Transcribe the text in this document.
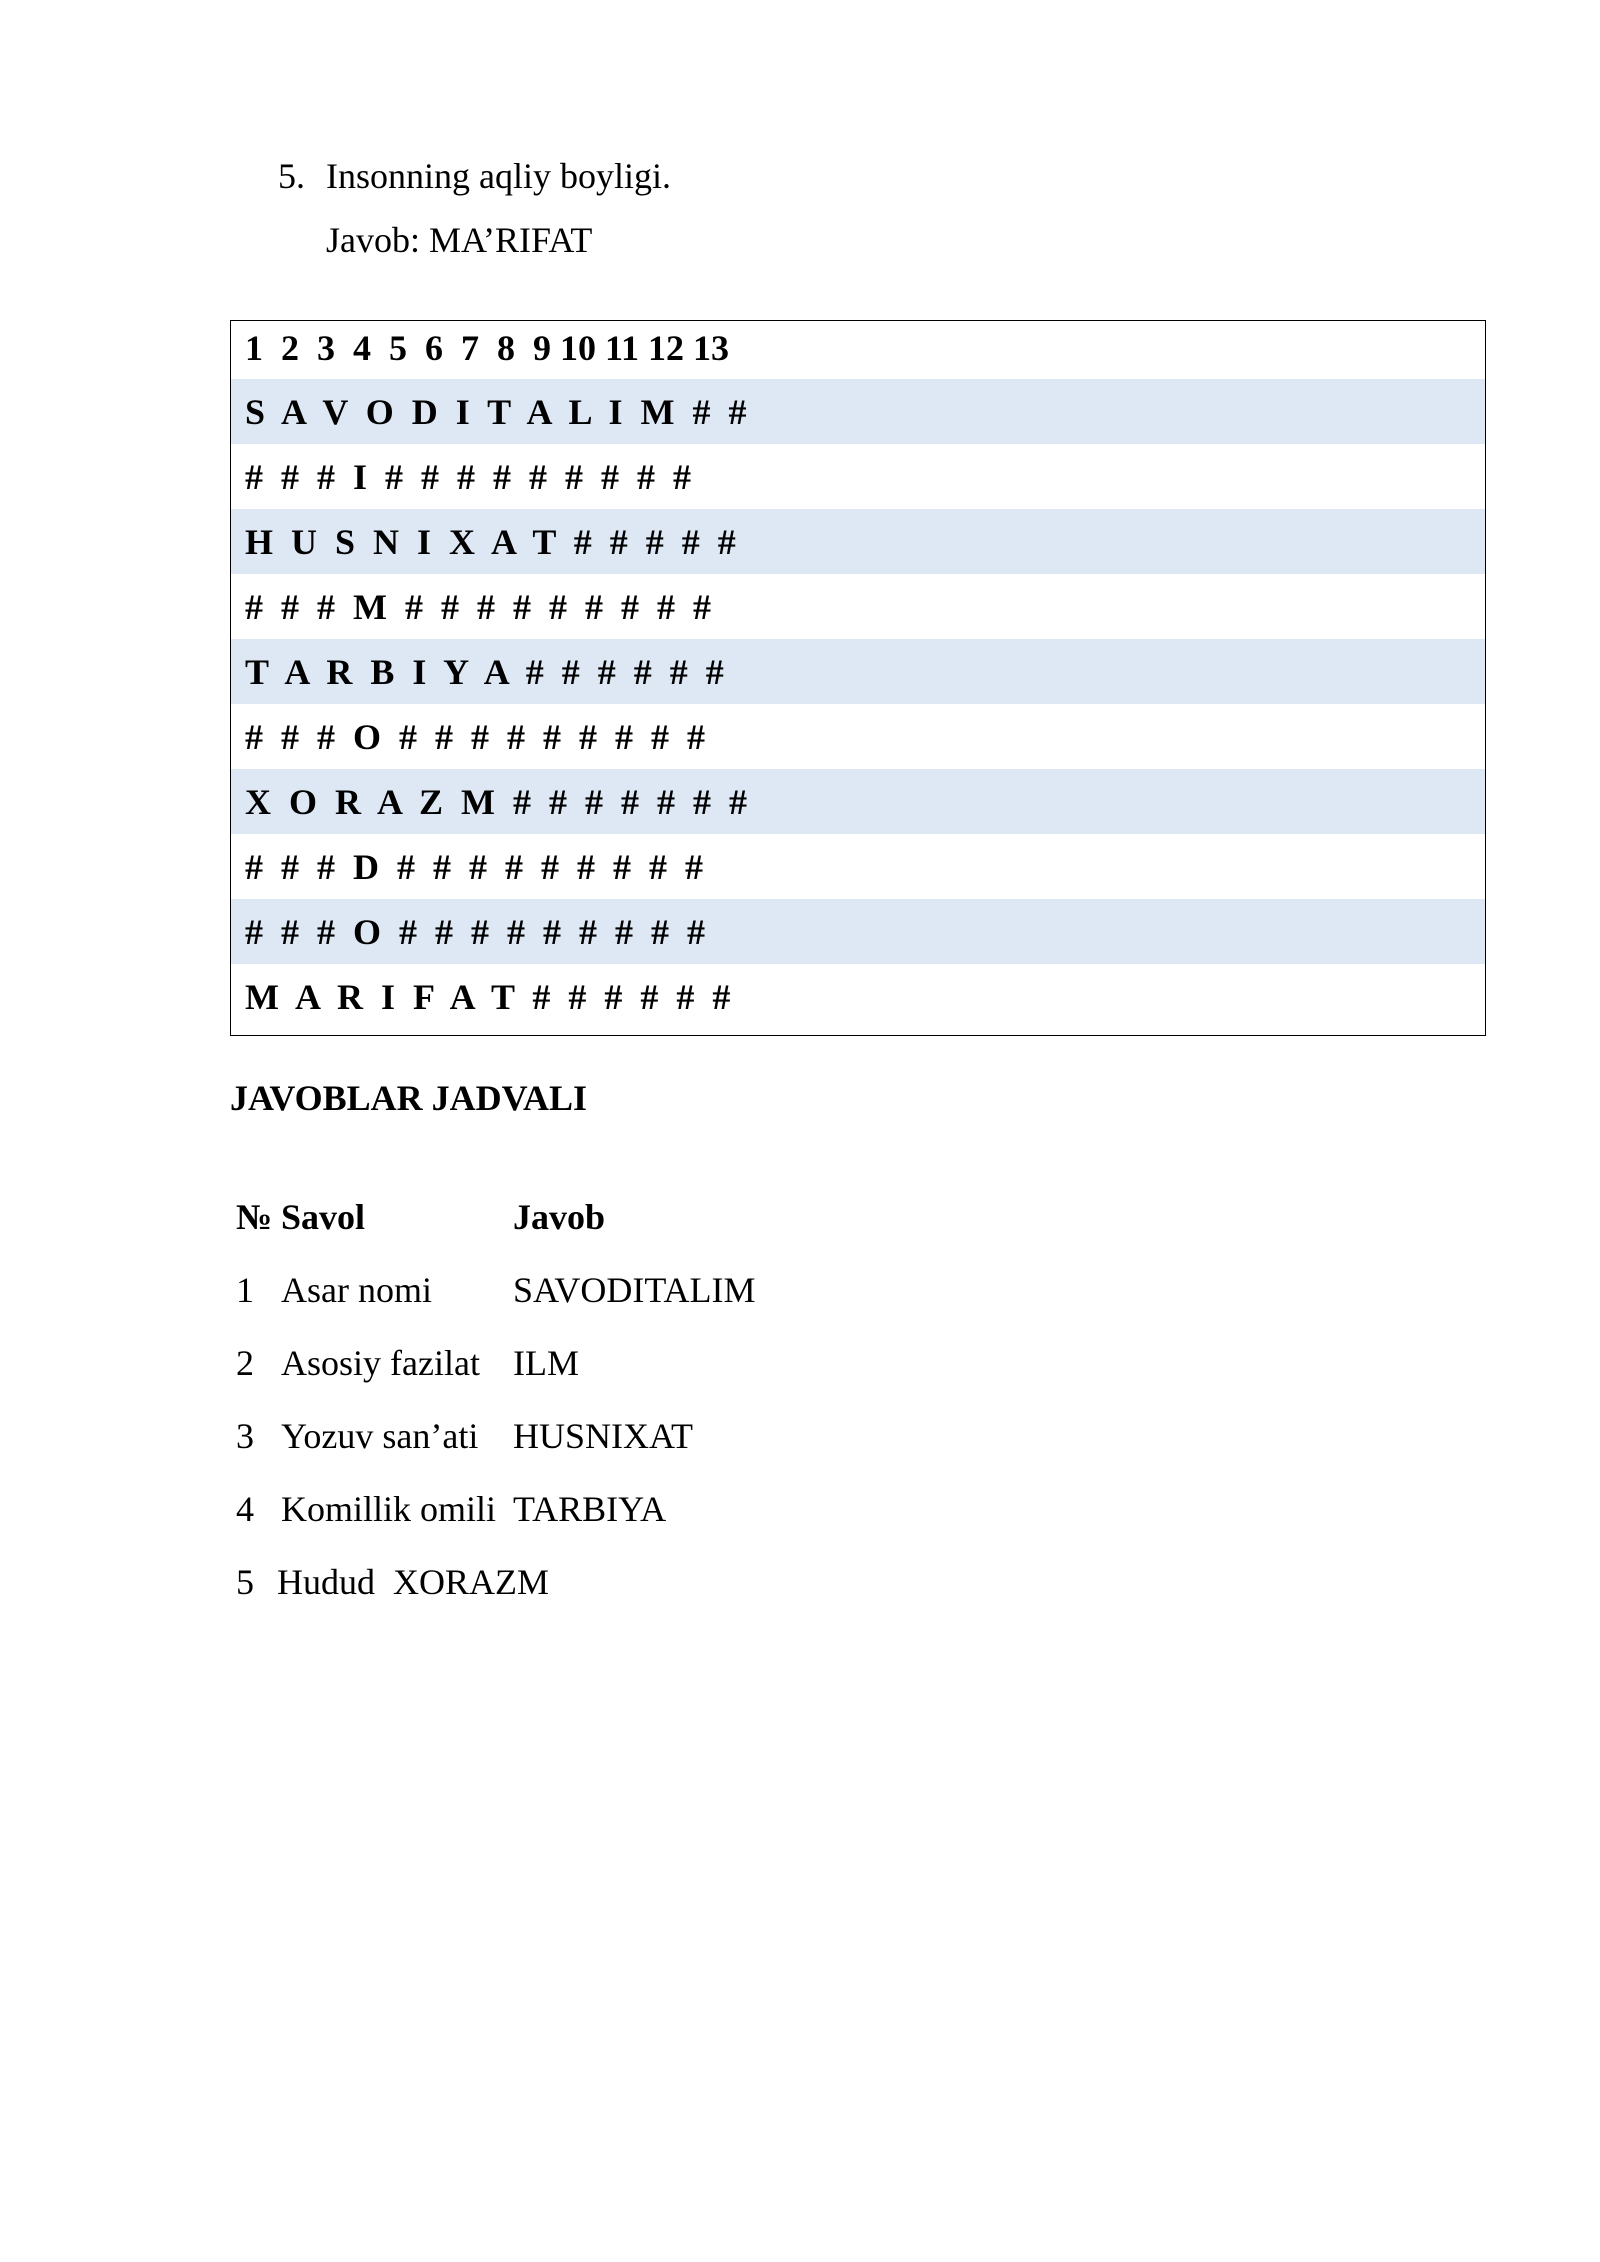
5. Insonning aqliy boyligi.
Javob: MA’RIFAT
1  2  3  4  5  6  7  8  9 10 11 12 13
S  A  V  O  D  I  T  A  L  I  M  #  #
#  #  #  I  #  #  #  #  #  #  #  #  #
H  U  S  N  I  X  A  T  #  #  #  #  #
#  #  #  M  #  #  #  #  #  #  #  #  #
T  A  R  B  I  Y  A  #  #  #  #  #  #
#  #  #  O  #  #  #  #  #  #  #  #  #
X  O  R  A  Z  M  #  #  #  #  #  #  #
#  #  #  D  #  #  #  #  #  #  #  #  #
#  #  #  O  #  #  #  #  #  #  #  #  #
M  A  R  I  F  A  T  #  #  #  #  #  #
JAVOBLAR JADVALI
№ Savol	Javob
1 Asar nomi	SAVODITALIM
2 Asosiy fazilat ILM
3 Yozuv san’ati HUSNIXAT
4 Komillik omili TARBIYA
5 Hudud XORAZM
